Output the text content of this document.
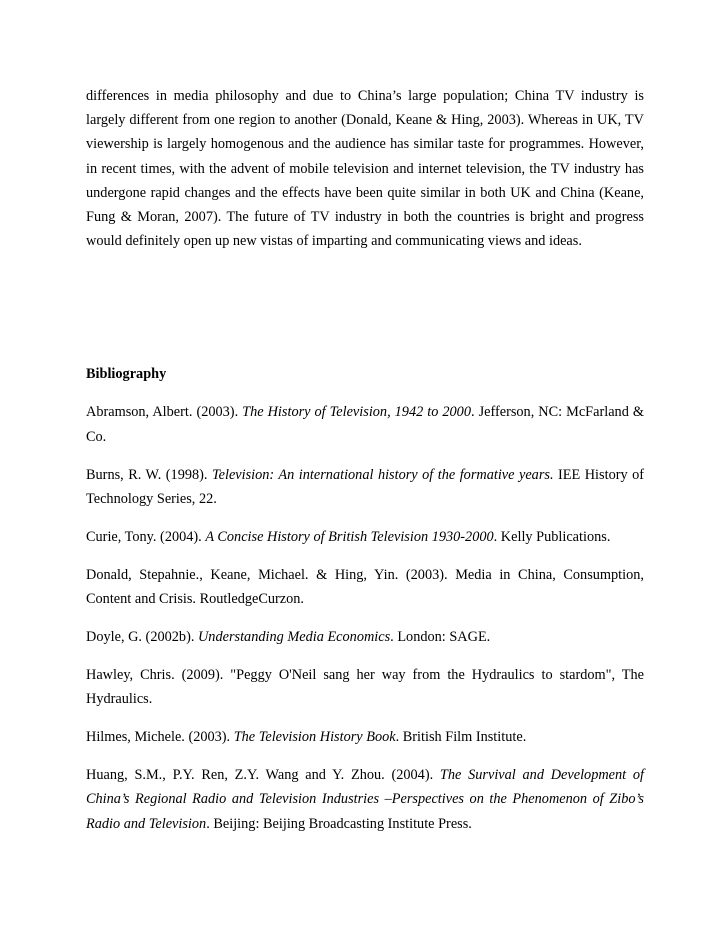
differences in media philosophy and due to China’s large population; China TV industry is largely different from one region to another (Donald, Keane & Hing, 2003). Whereas in UK, TV viewership is largely homogenous and the audience has similar taste for programmes. However, in recent times, with the advent of mobile television and internet television, the TV industry has undergone rapid changes and the effects have been quite similar in both UK and China (Keane, Fung & Moran, 2007). The future of TV industry in both the countries is bright and progress would definitely open up new vistas of imparting and communicating views and ideas.

Bibliography

Abramson, Albert. (2003). The History of Television, 1942 to 2000. Jefferson, NC: McFarland & Co.

Burns, R. W. (1998). Television: An international history of the formative years. IEE History of Technology Series, 22.

Curie, Tony. (2004). A Concise History of British Television 1930-2000. Kelly Publications.

Donald, Stepahnie., Keane, Michael. & Hing, Yin. (2003). Media in China, Consumption, Content and Crisis. RoutledgeCurzon.

Doyle, G. (2002b). Understanding Media Economics. London: SAGE.

Hawley, Chris. (2009). "Peggy O'Neil sang her way from the Hydraulics to stardom", The Hydraulics.

Hilmes, Michele. (2003). The Television History Book. British Film Institute.

Huang, S.M., P.Y. Ren, Z.Y. Wang and Y. Zhou. (2004). The Survival and Development of China’s Regional Radio and Television Industries –Perspectives on the Phenomenon of Zibo’s Radio and Television. Beijing: Beijing Broadcasting Institute Press.
